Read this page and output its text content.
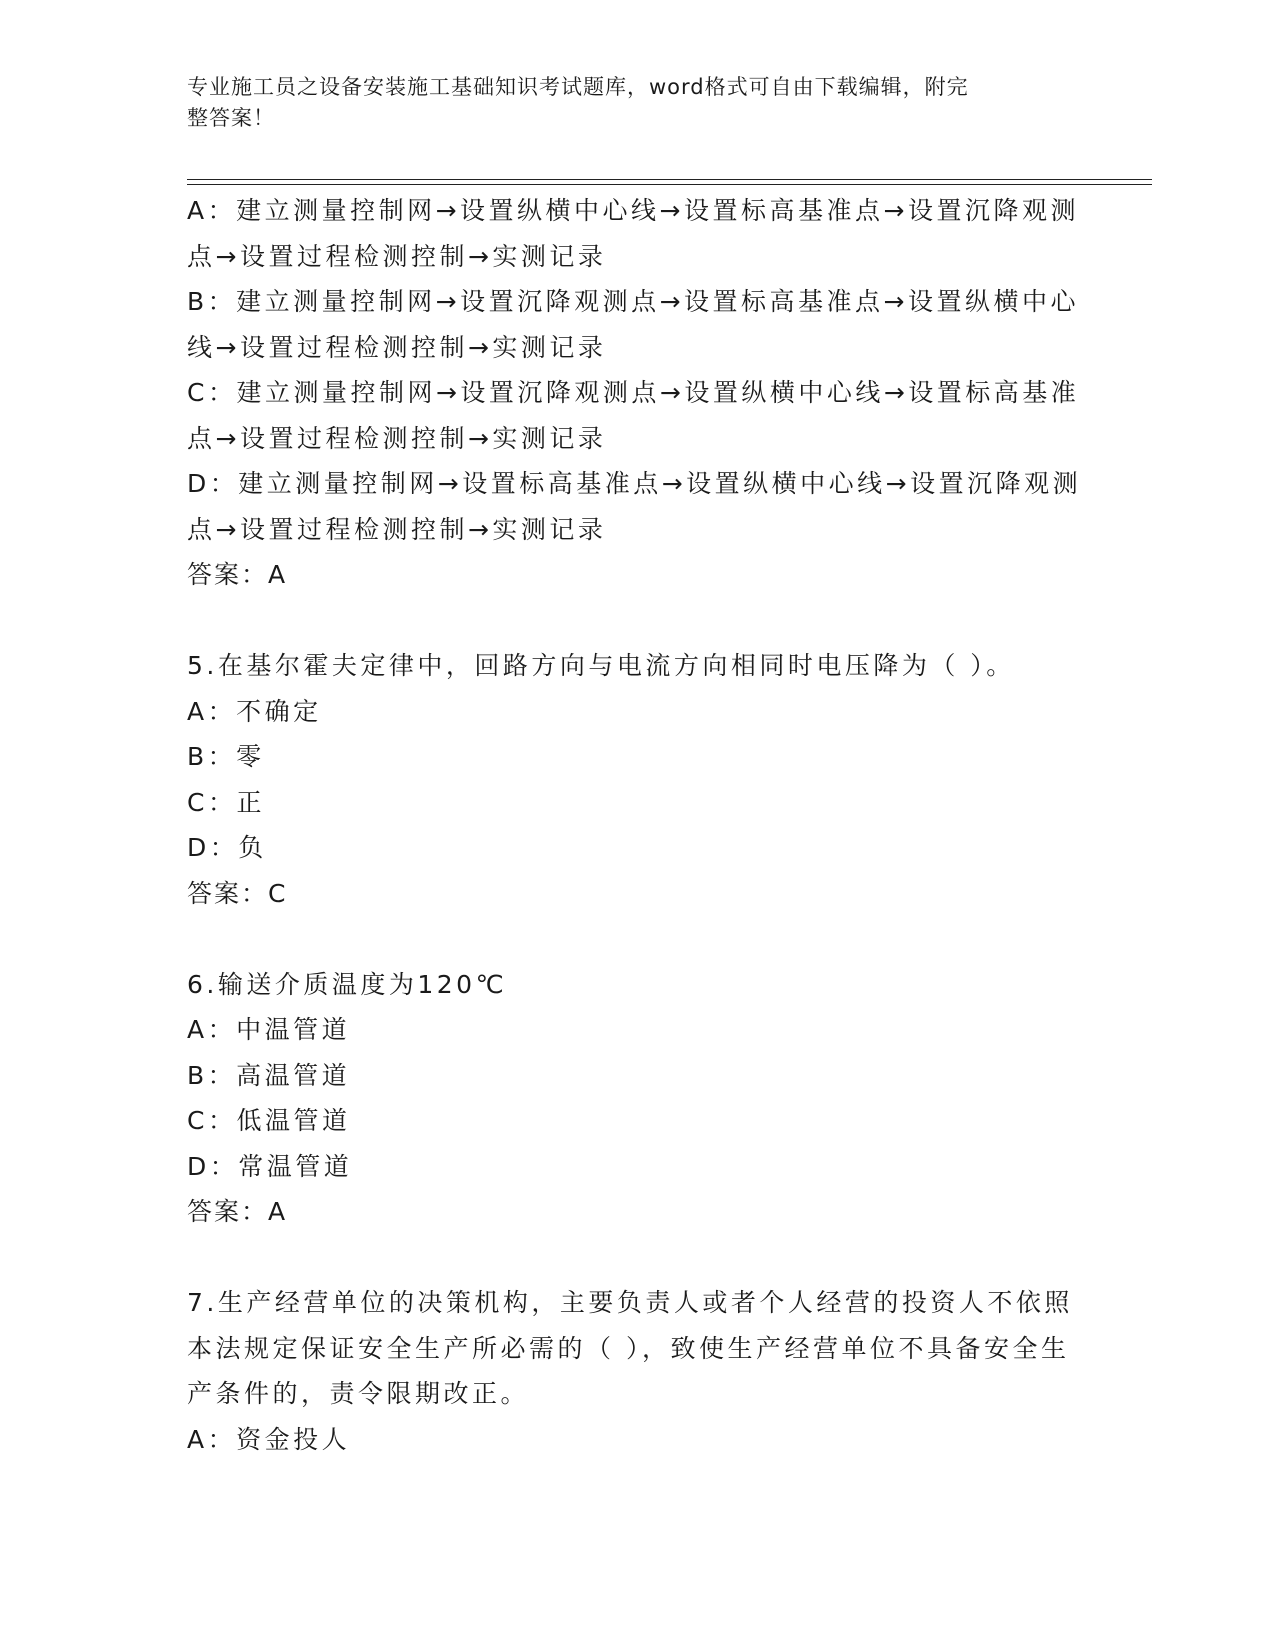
专业施工员之设备安装施工基础知识考试题库，word格式可自由下载编辑，附完
整答案！

A：建立测量控制网→设置纵横中心线→设置标高基准点→设置沉降观测点→设置过程检测控制→实测记录

B：建立测量控制网→设置沉降观测点→设置标高基准点→设置纵横中心线→设置过程检测控制→实测记录

C：建立测量控制网→设置沉降观测点→设置纵横中心线→设置标高基准点→设置过程检测控制→实测记录

D：建立测量控制网→设置标高基准点→设置纵横中心线→设置沉降观测点→设置过程检测控制→实测记录

答案：A

5.在基尔霍夫定律中，回路方向与电流方向相同时电压降为（ ）。

A：不确定

B：零

C：正

D：负

答案：C

6.输送介质温度为120℃

A：中温管道

B：高温管道

C：低温管道

D：常温管道

答案：A

7.生产经营单位的决策机构，主要负责人或者个人经营的投资人不依照本法规定保证安全生产所必需的（ ），致使生产经营单位不具备安全生产条件的，责令限期改正。

A：资金投人
